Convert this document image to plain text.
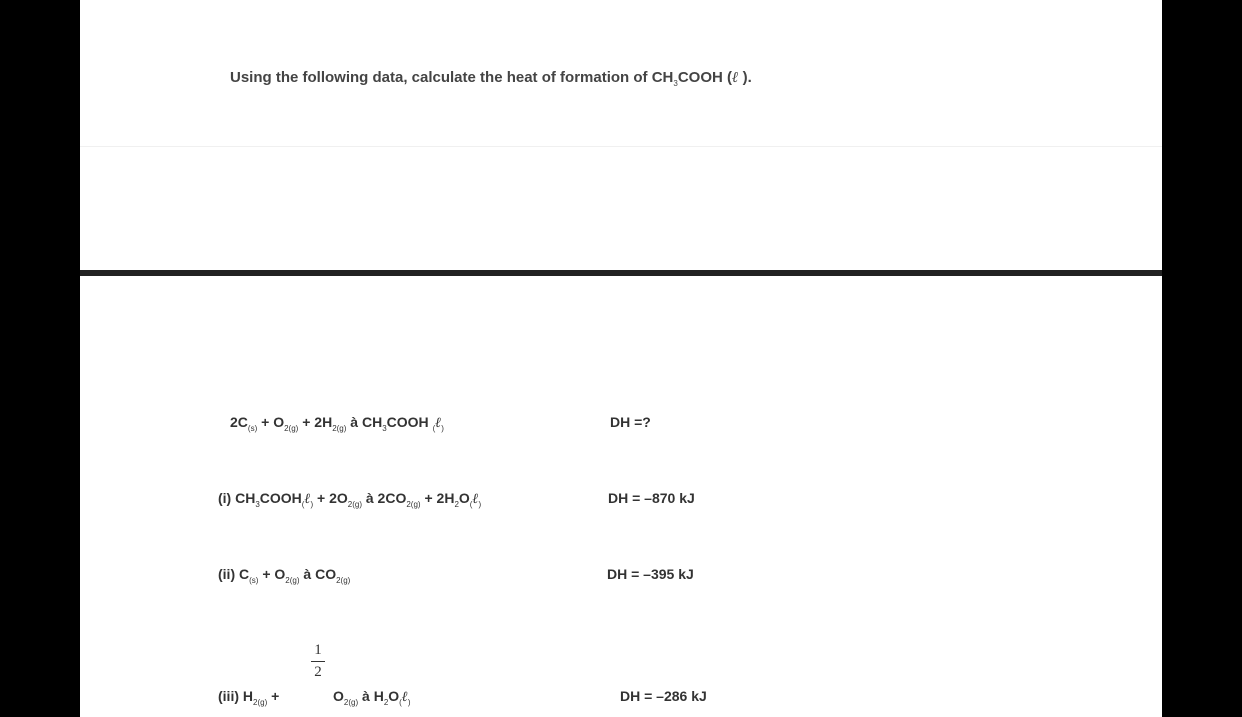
Using the following data, calculate the heat of formation of $CH_3COOH$ (ℓ ).
$2C_{(s)} + O_{2(g)} + 2H_{2(g)}$ à $CH_3COOH$ $_($ℓ$_)$	DH =?
(i) $CH_3COOH_(\ell_) + 2O_{2(g)}$ à $2CO_{2(g)}$ + $2H_2O_(\ell_)$	DH = –870 kJ
(ii) $C_{(s)} + O_{2(g)}$ à $CO_{2(g)}$	DH = –395 kJ
1
2
(iii) $H_{2(g)}$ +	$O_{2(g)}$ à $H_2O_(\ell_)$	DH = –286 kJ
